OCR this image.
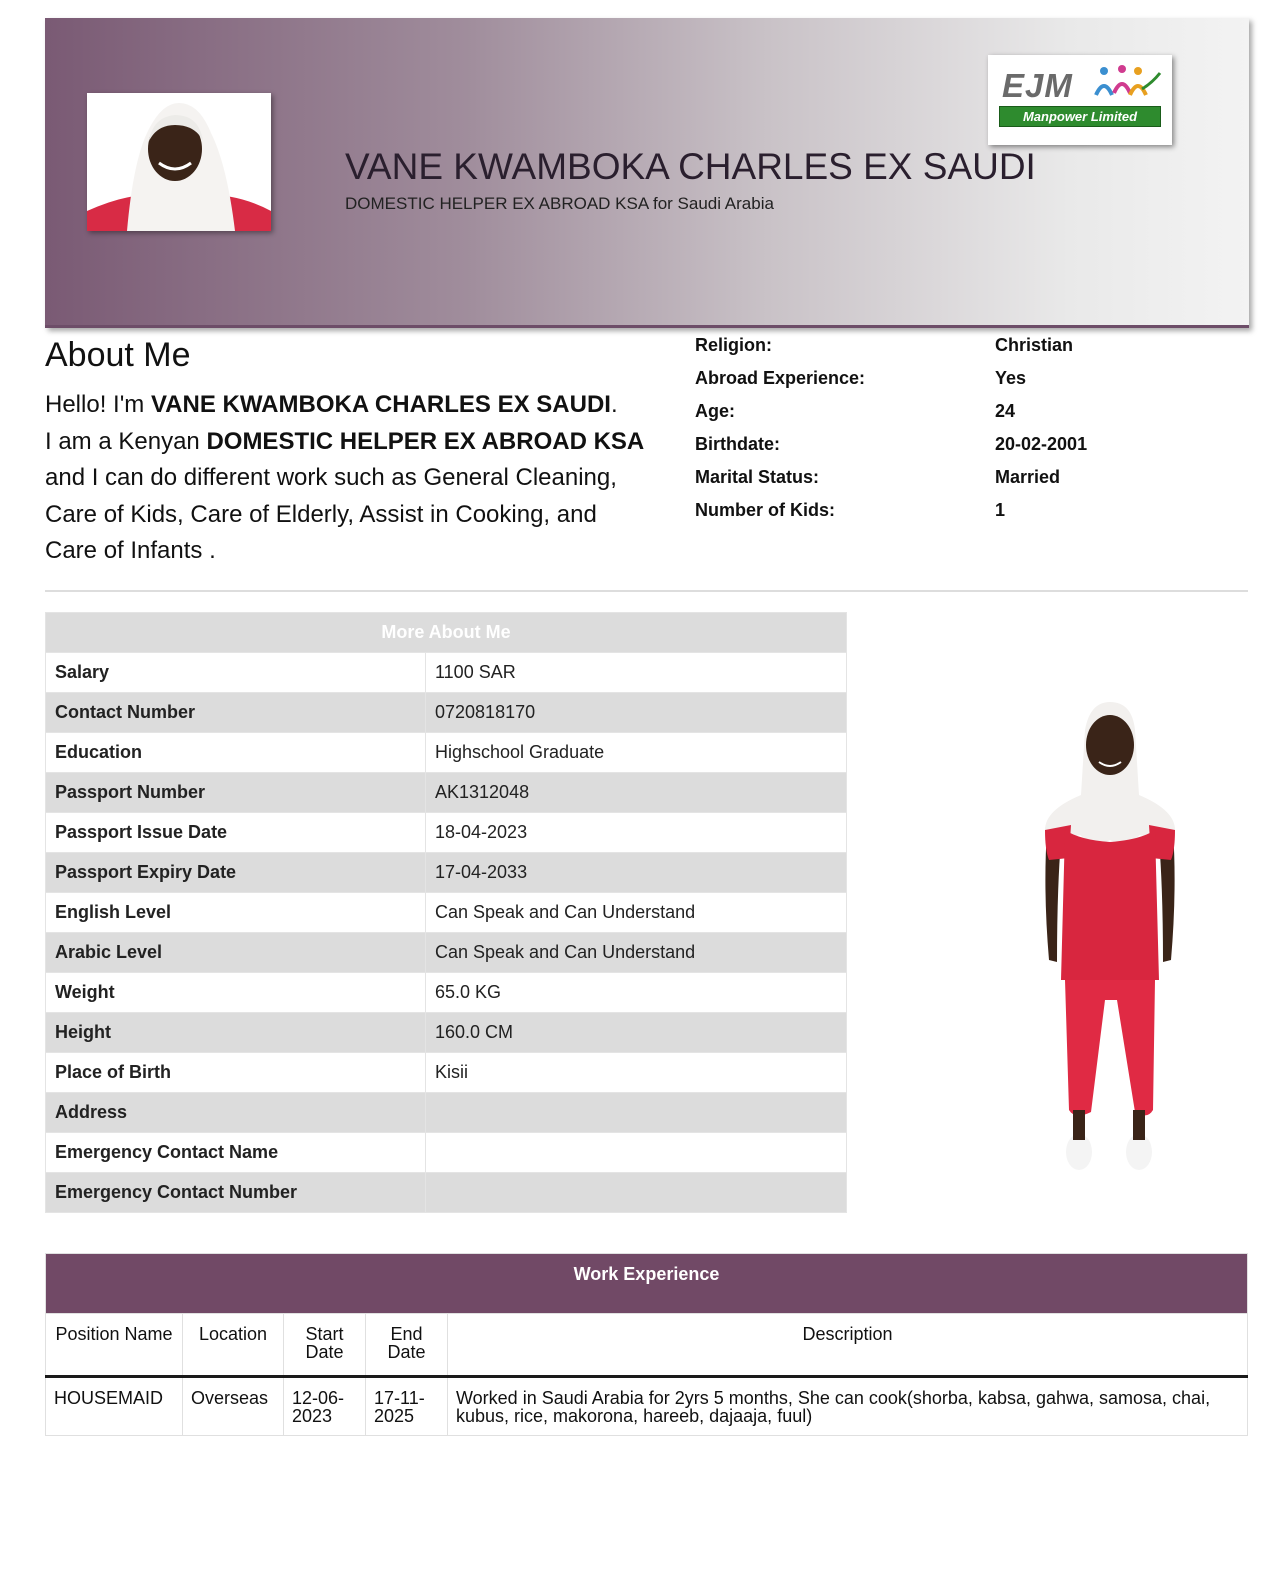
EJM
Manpower Limited
VANE KWAMBOKA CHARLES EX SAUDI
DOMESTIC HELPER EX ABROAD KSA for Saudi Arabia
About Me
Hello! I'm VANE KWAMBOKA CHARLES EX SAUDI.
I am a Kenyan DOMESTIC HELPER EX ABROAD KSA and I can do different work such as General Cleaning, Care of Kids, Care of Elderly, Assist in Cooking, and Care of Infants .
Religion:	Christian
Abroad Experience:	Yes
Age:	24
Birthdate:	20-02-2001
Marital Status:	Married
Number of Kids:	1
More About Me	
Salary	1100 SAR
Contact Number	0720818170
Education	Highschool Graduate
Passport Number	AK1312048
Passport Issue Date	18-04-2023
Passport Expiry Date	17-04-2033
English Level	Can Speak and Can Understand
Arabic Level	Can Speak and Can Understand
Weight	65.0 KG
Height	160.0 CM
Place of Birth	Kisii
Address	
Emergency Contact Name	
Emergency Contact Number	
Work Experience				
Position Name	Location	Start Date	End Date	Description
HOUSEMAID	Overseas	12-06-2023	17-11-2025	Worked in Saudi Arabia for 2yrs 5 months, She can cook(shorba, kabsa, gahwa, samosa, chai, kubus, rice, makorona, hareeb, dajaaja, fuul)
